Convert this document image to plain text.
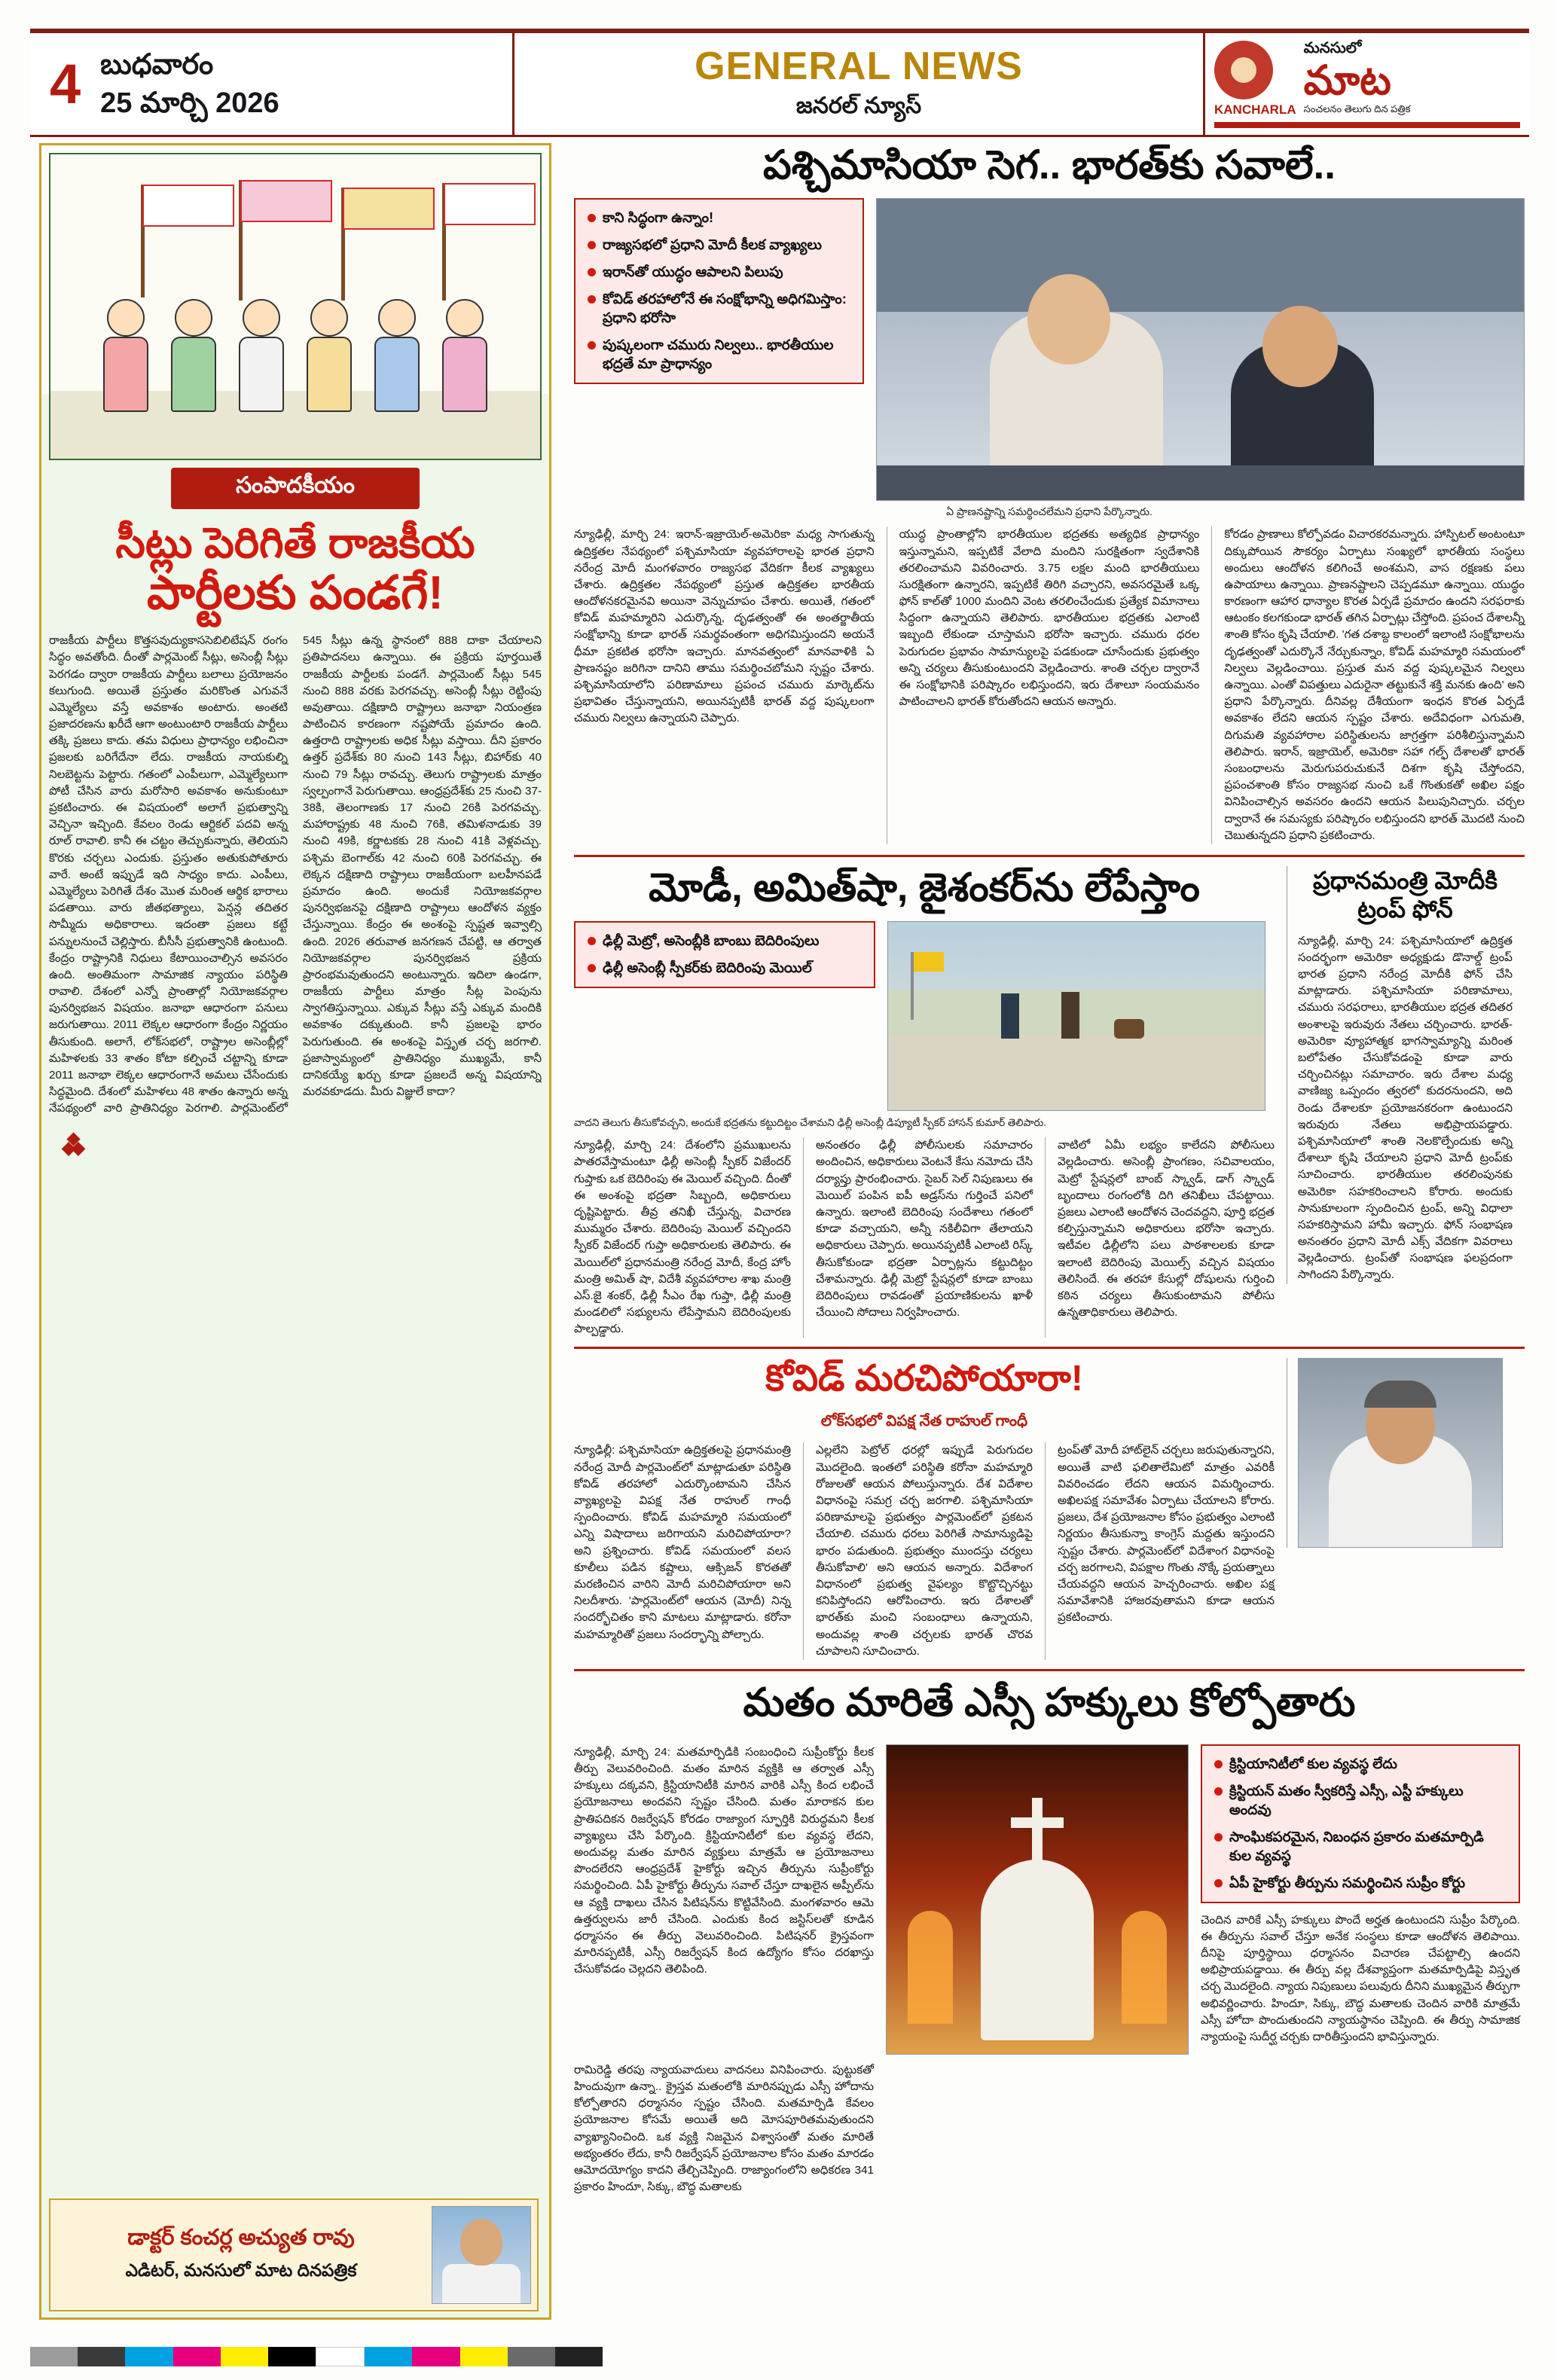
4 బుధవారం
25 మార్చి 2026
GENERAL NEWS
జనరల్ న్యూస్	KANCHARLA
మనసులో
మాట
సంచలనం తెలుగు దిన పత్రిక
సంపాదకీయం
సీట్లు పెరిగితే రాజకీయ
పార్టీలకు పండగే!
రాజకీయ పార్టీలు కొత్తసవుద్యుకాససెబిలిటేషన్ రంగం సిద్ధం అవతోంది. దీంతో పార్లమెంట్ సీట్లు, అసెంబ్లీ సీట్లు పెరగడం ద్వారా రాజకీయ పార్టీలు బలాలు ప్రయోజనం కలుగుంది. అయితే ప్రస్తుతం మరికొంత ఎగువనే ఎమ్మెల్యేలు వస్తే అవకాశం అంటారు. అంతటి ప్రజాదరణను ఖరీదే ఆగా అంటుంటారి రాజకీయ పార్టీలు తక్కి ప్రజలు కాదు. తమ విధులు ప్రాధాన్యం లభించినా ప్రజలకు బరిగేదేనా లేదు. రాజకీయ నాయకుల్ని నిలబెట్టను పెట్టారు. గతంలో ఎంపీలుగా, ఎమ్మెల్యేలుగా పోటీ చేసిన వారు మరోసారి అవకాశం అనుకుంటూ ప్రకటించారు. ఈ విషయంలో అలాగే ప్రభుత్వాన్ని వెచ్చినా ఇచ్చింది. కేవలం రెండు ఆర్టికల్ పదవి అన్న రూల్ రావాలి. కానీ ఈ చట్టం తెచ్చుకున్నారు, తెలియని కొరకు చర్చలు ఎందుకు. ప్రస్తుతం అతుకుపోతూరు వారే. అంటే ఇప్పుడే ఇది సాధ్యం కాదు. ఎంపీలు, ఎమ్మెల్యేలు పెరిగితే దేశం మొత మరింత ఆర్థిక భారాలు పడతాయి. వారు జీతభత్యాలు, పెన్షన్ల తదితర సొమ్మీదు అధికారాలు. ఇదంతా ప్రజలు కట్టే పన్నులనుంచే చెల్లిస్తారు. బీసీసీ ప్రభుత్వానికి ఉంటుంది. కేంద్రం రాష్ట్రానికి నిధులు కేటాయించాల్సిన అవసరం ఉంది. అంతిమంగా సామాజిక న్యాయం పరిస్థితి రావాలి. దేశంలో ఎన్నో ప్రాంతాల్లో నియోజకవర్గాల పునర్విభజన విషయం. జనాభా ఆధారంగా పనులు జరుగుతాయి. 2011 లెక్కల ఆధారంగా కేంద్రం నిర్ణయం తీసుకుంది. అలాగే, లోక్‌సభలో, రాష్ట్రాల అసెంబ్లీల్లో మహిళలకు 33 శాతం కోటా కల్పించే చట్టాన్ని కూడా 2011 జనాభా లెక్కల ఆధారంగానే అమలు చేసేందుకు సిద్ధమైంది. దేశంలో మహిళలు 48 శాతం ఉన్నారు అన్న నేపథ్యంలో వారి ప్రాతినిధ్యం పెరగాలి. పార్లమెంట్‌లో 545 సీట్లు ఉన్న స్థానంలో 888 దాకా చేయాలని ప్రతిపాదనలు ఉన్నాయి. ఈ ప్రక్రియ పూర్తయితే రాజకీయ పార్టీలకు పండగే. పార్లమెంట్ సీట్లు 545 నుంచి 888 వరకు పెరగవచ్చు. అసెంబ్లీ సీట్లు రెట్టింపు అవుతాయి. దక్షిణాది రాష్ట్రాలు జనాభా నియంత్రణ పాటించిన కారణంగా నష్టపోయే ప్రమాదం ఉంది. ఉత్తరాది రాష్ట్రాలకు అధిక సీట్లు వస్తాయి. దీని ప్రకారం ఉత్తర్ ప్రదేశ్‌కు 80 నుంచి 143 సీట్లు, బిహార్‌కు 40 నుంచి 79 సీట్లు రావచ్చు. తెలుగు రాష్ట్రాలకు మాత్రం స్వల్పంగానే పెరుగుతాయి. ఆంధ్రప్రదేశ్‌కు 25 నుంచి 37-38కి, తెలంగాణకు 17 నుంచి 26కి పెరగవచ్చు. మహారాష్ట్రకు 48 నుంచి 76కి, తమిళనాడుకు 39 నుంచి 49కి, కర్ణాటకకు 28 నుంచి 41కి వెళ్లవచ్చు. పశ్చిమ బెంగాల్‌కు 42 నుంచి 60కి పెరగవచ్చు. ఈ లెక్కన దక్షిణాది రాష్ట్రాలు రాజకీయంగా బలహీనపడే ప్రమాదం ఉంది. అందుకే నియోజకవర్గాల పునర్విభజనపై దక్షిణాది రాష్ట్రాలు ఆందోళన వ్యక్తం చేస్తున్నాయి. కేంద్రం ఈ అంశంపై స్పష్టత ఇవ్వాల్సి ఉంది. 2026 తరువాత జనగణన చేపట్టి, ఆ తర్వాత నియోజకవర్గాల పునర్విభజన ప్రక్రియ ప్రారంభమవుతుందని అంటున్నారు. ఇదిలా ఉండగా, రాజకీయ పార్టీలు మాత్రం సీట్ల పెంపును స్వాగతిస్తున్నాయి. ఎక్కువ సీట్లు వస్తే ఎక్కువ మందికి అవకాశం దక్కుతుంది. కానీ ప్రజలపై భారం పెరుగుతుంది. ఈ అంశంపై విస్తృత చర్చ జరగాలి. ప్రజాస్వామ్యంలో ప్రాతినిధ్యం ముఖ్యమే, కానీ దానికయ్యే ఖర్చు కూడా ప్రజలదే అన్న విషయాన్ని మరవకూడదు. మీరు విజ్ఞులే కాదా?
؞
డాక్టర్ కంచర్ల అచ్యుత రావు
ఎడిటర్, మనసులో మాట దినపత్రిక
పశ్చిమాసియా సెగ.. భారత్‌కు సవాలే..
కాని సిద్ధంగా ఉన్నాం!
రాజ్యసభలో ప్రధాని మోదీ కీలక వ్యాఖ్యలు
ఇరాన్‌తో యుద్ధం ఆపాలని పిలుపు
కోవిడ్ తరహాలోనే ఈ సంక్షోభాన్ని అధిగమిస్తాం: ప్రధాని భరోసా
పుష్కలంగా చమురు నిల్వలు.. భారతీయుల భద్రతే మా ప్రాధాన్యం
ఏ ప్రాణనష్టాన్ని సమర్థించలేమని ప్రధాని పేర్కొన్నారు.
న్యూఢిల్లీ, మార్చి 24: ఇరాన్‌-ఇజ్రాయెల్‌-అమెరికా మధ్య సాగుతున్న ఉద్రిక్తతల నేపథ్యంలో పశ్చిమాసియా వ్యవహారాలపై భారత ప్రధాని నరేంద్ర మోదీ మంగళవారం రాజ్యసభ వేదికగా కీలక వ్యాఖ్యలు చేశారు. ఉద్రిక్తతల నేపథ్యంలో ప్రస్తుత ఉద్రిక్తతల భారతీయ ఆందోళనకరమైనవి అయినా వెన్నుచూపం చేశారు. అయితే, గతంలో కోవిడ్ మహమ్మారిని ఎదుర్కొన్న, దృఢత్వంతో ఈ అంతర్జాతీయ సంక్షోభాన్ని కూడా భారత్ సమర్థవంతంగా అధిగమిస్తుందని అయనే ధీమా ప్రకటిత భరోసా ఇచ్చారు. మానవత్వంలో మానవాళికి ఏ ప్రాణనష్టం జరిగినా దానిని తాము సమర్థించబోమని స్పష్టం చేశారు. పశ్చిమాసియాలోని పరిణామాలు ప్రపంచ చమురు మార్కెట్‌ను ప్రభావితం చేస్తున్నాయని, అయినప్పటికీ భారత్ వద్ద పుష్కలంగా చమురు నిల్వలు ఉన్నాయని చెప్పారు.
యుద్ధ ప్రాంతాల్లోని భారతీయుల భద్రతకు అత్యధిక ప్రాధాన్యం ఇస్తున్నామని, ఇప్పటికే వేలాది మందిని సురక్షితంగా స్వదేశానికి తరలించామని వివరించారు. 3.75 లక్షల మంది భారతీయులు సురక్షితంగా ఉన్నారని, ఇప్పటికే తిరిగి వచ్చారని, అవసరమైతే ఒక్క ఫోన్ కాల్‌తో 1000 మందిని వెంట తరలించేందుకు ప్రత్యేక విమానాలు సిద్ధంగా ఉన్నాయని తెలిపారు. భారతీయుల భద్రతకు ఎలాంటి ఇబ్బంది లేకుండా చూస్తామని భరోసా ఇచ్చారు. చమురు ధరల పెరుగుదల ప్రభావం సామాన్యులపై పడకుండా చూసేందుకు ప్రభుత్వం అన్ని చర్యలు తీసుకుంటుందని వెల్లడించారు. శాంతి చర్చల ద్వారానే ఈ సంక్షోభానికి పరిష్కారం లభిస్తుందని, ఇరు దేశాలూ సంయమనం పాటించాలని భారత్ కోరుతోందని ఆయన అన్నారు.
కోరడం ప్రాణాలు కోల్పోవడం విచారకరమన్నారు. హాస్పిటల్ అంటంటూ దిక్కుపోయిన సౌకర్యం ఏర్పాటు సంఖ్యలో భారతీయ సంస్థలు అందులు ఆందోళన కలిగించే అంశమని, వాస రక్షణకు పలు ఉపాయాలు ఉన్నాయి. ప్రాణనష్టాలని చెప్పడమూ ఉన్నాయి. యుద్ధం కారణంగా ఆహార ధాన్యాల కొరత ఏర్పడే ప్రమాదం ఉందని సరఫరాకు ఆటంకం కలగకుండా భారత్ తగిన ఏర్పాట్లు చేస్తోంది. ప్రపంచ దేశాలన్నీ శాంతి కోసం కృషి చేయాలి. 'గత దశాబ్ద కాలంలో ఇలాంటి సంక్షోభాలను దృఢత్వంతో ఎదుర్కొనే నేర్చుకున్నాం, కోవిడ్ మహమ్మారి సమయంలో నిల్వలు వెల్లడించాయి. ప్రస్తుత మన వద్ద పుష్కలమైన నిల్వలు ఉన్నాయి. ఎంతో విపత్తులు ఎదురైనా తట్టుకునే శక్తి మనకు ఉంది' అని ప్రధాని పేర్కొన్నారు. దీనివల్ల దేశీయంగా ఇంధన కొరత ఏర్పడే అవకాశం లేదని ఆయన స్పష్టం చేశారు. అదేవిధంగా ఎగుమతి, దిగుమతి వ్యవహారాల పరిస్థితులను జాగ్రత్తగా పరిశీలిస్తున్నామని తెలిపారు. ఇరాన్, ఇజ్రాయెల్, అమెరికా సహా గల్ఫ్ దేశాలతో భారత్ సంబంధాలను మెరుగుపరుచుకునే దిశగా కృషి చేస్తోందని, ప్రపంచశాంతి కోసం రాజ్యసభ నుంచి ఒకే గొంతుకతో అఖిల పక్షం వినిపించాల్సిన అవసరం ఉందని ఆయన పిలుపునిచ్చారు. చర్చల ద్వారానే ఈ సమస్యకు పరిష్కారం లభిస్తుందని భారత్ మొదటి నుంచి చెబుతున్నదని ప్రధాని ప్రకటించారు.
మోడీ, అమిత్‌షా, జైశంకర్‌ను లేపేస్తాం
ఢిల్లీ మెట్రో, అసెంబ్లీకి బాంబు బెదిరింపులు
ఢిల్లీ అసెంబ్లీ స్పీకర్‌కు బెదిరింపు మెయిల్
వాదని తెలుగు తీసుకోవచ్చని, అందుకే భద్రతను కట్టుదిట్టం చేశామని ఢిల్లీ అసెంబ్లీ డిప్యూటీ స్పీకర్ హాసన్ కుమార్ తెలిపారు.
న్యూఢిల్లీ, మార్చి 24: దేశంలోని ప్రముఖులను పాతరవేస్తామంటూ ఢిల్లీ అసెంబ్లీ స్పీకర్ విజేందర్ గుప్తాకు ఒక బెదిరింపు ఈ మెయిల్ వచ్చింది. దీంతో ఈ అంశంపై భద్రతా సిబ్బంది, అధికారులు దృష్టిపెట్టారు. తీవ్ర తనిఖీ చేస్తున్న, విచారణ ముమ్మరం చేశారు. బెదిరింపు మెయిల్ వచ్చిందని స్పీకర్ విజేందర్ గుప్తా అధికారులకు తెలిపారు. ఈ మెయిల్‌లో ప్రధానమంత్రి నరేంద్ర మోదీ, కేంద్ర హోం మంత్రి అమిత్ షా, విదేశీ వ్యవహారాల శాఖ మంత్రి ఎస్.జై శంకర్, ఢిల్లీ సీఎం రేఖ గుప్తా, ఢిల్లీ మంత్రి మండలిలో సభ్యులను లేపేస్తామని బెదిరింపులకు పాల్పడ్డారు.
అనంతరం ఢిల్లీ పోలీసులకు సమాచారం అందించిన, అధికారులు వెంటనే కేసు నమోదు చేసి దర్యాప్తు ప్రారంభించారు. సైబర్ సెల్ నిపుణులు ఈ మెయిల్ పంపిన ఐపీ అడ్రస్‌ను గుర్తించే పనిలో ఉన్నారు. ఇలాంటి బెదిరింపు సందేశాలు గతంలో కూడా వచ్చాయని, అన్నీ నకిలీవిగా తేలాయని అధికారులు చెప్పారు. అయినప్పటికీ ఎలాంటి రిస్క్ తీసుకోకుండా భద్రతా ఏర్పాట్లను కట్టుదిట్టం చేశామన్నారు. ఢిల్లీ మెట్రో స్టేషన్లలో కూడా బాంబు బెదిరింపులు రావడంతో ప్రయాణికులను ఖాళీ చేయించి సోదాలు నిర్వహించారు.
వాటిలో ఏమీ లభ్యం కాలేదని పోలీసులు వెల్లడించారు. అసెంబ్లీ ప్రాంగణం, సచివాలయం, మెట్రో స్టేషన్లలో బాంబ్ స్క్వాడ్, డాగ్ స్క్వాడ్ బృందాలు రంగంలోకి దిగి తనిఖీలు చేపట్టాయి. ప్రజలు ఎలాంటి ఆందోళన చెందవద్దని, పూర్తి భద్రత కల్పిస్తున్నామని అధికారులు భరోసా ఇచ్చారు. ఇటీవల ఢిల్లీలోని పలు పాఠశాలలకు కూడా ఇలాంటి బెదిరింపు మెయిల్స్ వచ్చిన విషయం తెలిసిందే. ఈ తరహా కేసుల్లో దోషులను గుర్తించి కఠిన చర్యలు తీసుకుంటామని పోలీసు ఉన్నతాధికారులు తెలిపారు.
ప్రధానమంత్రి మోదీకి ట్రంప్ ఫోన్
న్యూఢిల్లీ, మార్చి 24: పశ్చిమాసియాలో ఉద్రిక్తత సందర్భంగా అమెరికా అధ్యక్షుడు డొనాల్డ్ ట్రంప్ భారత ప్రధాని నరేంద్ర మోదీకి ఫోన్ చేసి మాట్లాడారు. పశ్చిమాసియా పరిణామాలు, చమురు సరఫరాలు, భారతీయుల భద్రత తదితర అంశాలపై ఇరువురు నేతలు చర్చించారు. భారత్-అమెరికా వ్యూహాత్మక భాగస్వామ్యాన్ని మరింత బలోపేతం చేసుకోవడంపై కూడా వారు చర్చించినట్లు సమాచారం. ఇరు దేశాల మధ్య వాణిజ్య ఒప్పందం త్వరలో కుదరనుందని, అది రెండు దేశాలకూ ప్రయోజనకరంగా ఉంటుందని ఇరువురు నేతలు అభిప్రాయపడ్డారు. పశ్చిమాసియాలో శాంతి నెలకొల్పేందుకు అన్ని దేశాలూ కృషి చేయాలని ప్రధాని మోదీ ట్రంప్‌కు సూచించారు. భారతీయుల తరలింపునకు అమెరికా సహకరించాలని కోరారు. అందుకు సానుకూలంగా స్పందించిన ట్రంప్, అన్ని విధాలా సహకరిస్తామని హామీ ఇచ్చారు. ఫోన్ సంభాషణ అనంతరం ప్రధాని మోదీ ఎక్స్ వేదికగా వివరాలు వెల్లడించారు. ట్రంప్‌తో సంభాషణ ఫలప్రదంగా సాగిందని పేర్కొన్నారు.
కోవిడ్ మరచిపోయారా!
లోక్‌సభలో విపక్ష నేత రాహుల్ గాంధీ
న్యూఢిల్లీ: పశ్చిమాసియా ఉద్రిక్తతలపై ప్రధానమంత్రి నరేంద్ర మోదీ పార్లమెంట్‌లో మాట్లాడుతూ పరిస్థితి కోవిడ్ తరహాలో ఎదుర్కొంటామని చేసిన వ్యాఖ్యలపై విపక్ష నేత రాహుల్ గాంధీ స్పందించారు. కోవిడ్ మహమ్మారి సమయంలో ఎన్ని విషాదాలు జరిగాయని మరిచిపోయారా? అని ప్రశ్నించారు. కోవిడ్ సమయంలో వలస కూలీలు పడిన కష్టాలు, ఆక్సిజన్ కొరతతో మరణించిన వారిని మోదీ మరిచిపోయారా అని నిలదీశారు. 'పార్లమెంట్‌లో ఆయన (మోదీ) నిన్న సందర్భోచితం కాని మాటలు మాట్లాడారు. కరోనా మహమ్మారితో ప్రజలు సందర్భాన్ని పోల్చారు.
ఎల్లలేని పెట్రోల్ ధరల్లో ఇప్పుడే పెరుగుదల మొదలైంది. ఇంతలో పరిస్థితి కరోనా మహమ్మారి రోజులతో ఆయన పోలుస్తున్నారు. దేశ విదేశాల విధానంపై సమగ్ర చర్చ జరగాలి. పశ్చిమాసియా పరిణామాలపై ప్రభుత్వం పార్లమెంట్‌లో ప్రకటన చేయాలి. చమురు ధరలు పెరిగితే సామాన్యుడిపై భారం పడుతుంది. ప్రభుత్వం ముందస్తు చర్యలు తీసుకోవాలి' అని ఆయన అన్నారు. విదేశాంగ విధానంలో ప్రభుత్వ వైఫల్యం కొట్టొచ్చినట్టు కనిపిస్తోందని ఆరోపించారు. ఇరు దేశాలతో భారత్‌కు మంచి సంబంధాలు ఉన్నాయని, అందువల్ల శాంతి చర్చలకు భారత్ చొరవ చూపాలని సూచించారు.
ట్రంప్‌తో మోదీ హాట్‌లైన్ చర్చలు జరుపుతున్నారని, అయితే వాటి ఫలితాలేమిటో మాత్రం ఎవరికీ వివరించడం లేదని ఆయన విమర్శించారు. అఖిలపక్ష సమావేశం ఏర్పాటు చేయాలని కోరారు. ప్రజలు, దేశ ప్రయోజనాల కోసం ప్రభుత్వం ఎలాంటి నిర్ణయం తీసుకున్నా కాంగ్రెస్ మద్దతు ఇస్తుందని స్పష్టం చేశారు. పార్లమెంట్‌లో విదేశాంగ విధానంపై చర్చ జరగాలని, విపక్షాల గొంతు నొక్కే ప్రయత్నాలు చేయవద్దని ఆయన హెచ్చరించారు. అఖిల పక్ష సమావేశానికి హాజరవుతామని కూడా ఆయన ప్రకటించారు.
మతం మారితే ఎస్సీ హక్కులు కోల్పోతారు
న్యూఢిల్లీ, మార్చి 24: మతమార్పిడికి సంబంధించి సుప్రీంకోర్టు కీలక తీర్పు వెలువరించింది. మతం మారిన వ్యక్తికి ఆ తర్వాత ఎస్సీ హక్కులు దక్కవని, క్రిస్టియానిటీకి మారిన వారికి ఎస్సీ కింద లభించే ప్రయోజనాలు అందవని స్పష్టం చేసింది. మతం మారాకన కుల ప్రాతిపదికన రిజర్వేషన్ కోరడం రాజ్యాంగ స్ఫూర్తికి విరుద్ధమని కీలక వ్యాఖ్యలు చేసి పేర్కొంది. క్రిస్టియానిటీలో కుల వ్యవస్థ లేదని, అందువల్ల మతం మారిన వ్యక్తులు మాత్రమే ఆ ప్రయోజనాలు పొందలేరని ఆంధ్రప్రదేశ్ హైకోర్టు ఇచ్చిన తీర్పును సుప్రీంకోర్టు సమర్థించింది. ఏపీ హైకోర్టు తీర్పును సవాల్ చేస్తూ దాఖలైన అప్పీల్‌ను ఆ వ్యక్తి దాఖలు చేసిన పిటిషన్‌ను కొట్టివేసింది. మంగళవారం ఆమె ఉత్తర్వులను జారీ చేసింది. ఎందుకు కింద జస్టిస్‌లతో కూడిన ధర్మాసనం ఈ తీర్పు వెలువరించింది. పిటిషనర్ క్రైస్తవంగా మారినప్పటికీ, ఎస్సీ రిజర్వేషన్ కింద ఉద్యోగం కోసం దరఖాస్తు చేసుకోవడం చెల్లదని తెలిపింది.
క్రిస్టియానిటీలో కుల వ్యవస్థ లేదు
క్రిస్టియన్ మతం స్వీకరిస్తే ఎస్సీ, ఎస్టీ హక్కులు అందవు
సాంఘికపరమైన, నిబంధన ప్రకారం మతమార్పిడి కుల వ్యవస్థ
ఏపీ హైకోర్టు తీర్పును సమర్థించిన సుప్రీం కోర్టు
చెందిన వారికే ఎస్సీ హక్కులు పొందే అర్హత ఉంటుందని సుప్రీం పేర్కొంది. ఈ తీర్పును సవాల్ చేస్తూ అనేక సంస్థలు కూడా ఆందోళన తెలిపాయి. దీనిపై పూర్తిస్థాయి ధర్మాసనం విచారణ చేపట్టాల్సి ఉందని అభిప్రాయపడ్డాయి. ఈ తీర్పు వల్ల దేశవ్యాప్తంగా మతమార్పిడిపై విస్తృత చర్చ మొదలైంది. న్యాయ నిపుణులు పలువురు దీనిని ముఖ్యమైన తీర్పుగా అభివర్ణించారు. హిందూ, సిక్కు, బౌద్ధ మతాలకు చెందిన వారికి మాత్రమే ఎస్సీ హోదా పొందుతుందని న్యాయస్థానం చెప్పింది. ఈ తీర్పు సామాజిక న్యాయంపై సుదీర్ఘ చర్చకు దారితీస్తుందని భావిస్తున్నారు.
రామిరెడ్డి తరపు న్యాయవాదులు వాదనలు వినిపించారు. పుట్టుకతో హిందువుగా ఉన్నా.. క్రైస్తవ మతంలోకి మారినప్పుడు ఎస్సీ హోదాను కోల్పోతారని ధర్మాసనం స్పష్టం చేసింది. మతమార్పిడి కేవలం ప్రయోజనాల కోసమే అయితే అది మోసపూరితమవుతుందని వ్యాఖ్యానించింది. ఒక వ్యక్తి నిజమైన విశ్వాసంతో మతం మారితే అభ్యంతరం లేదు, కానీ రిజర్వేషన్ ప్రయోజనాల కోసం మతం మారడం ఆమోదయోగ్యం కాదని తేల్చిచెప్పింది. రాజ్యాంగంలోని అధికరణ 341 ప్రకారం హిందూ, సిక్కు, బౌద్ధ మతాలకు
